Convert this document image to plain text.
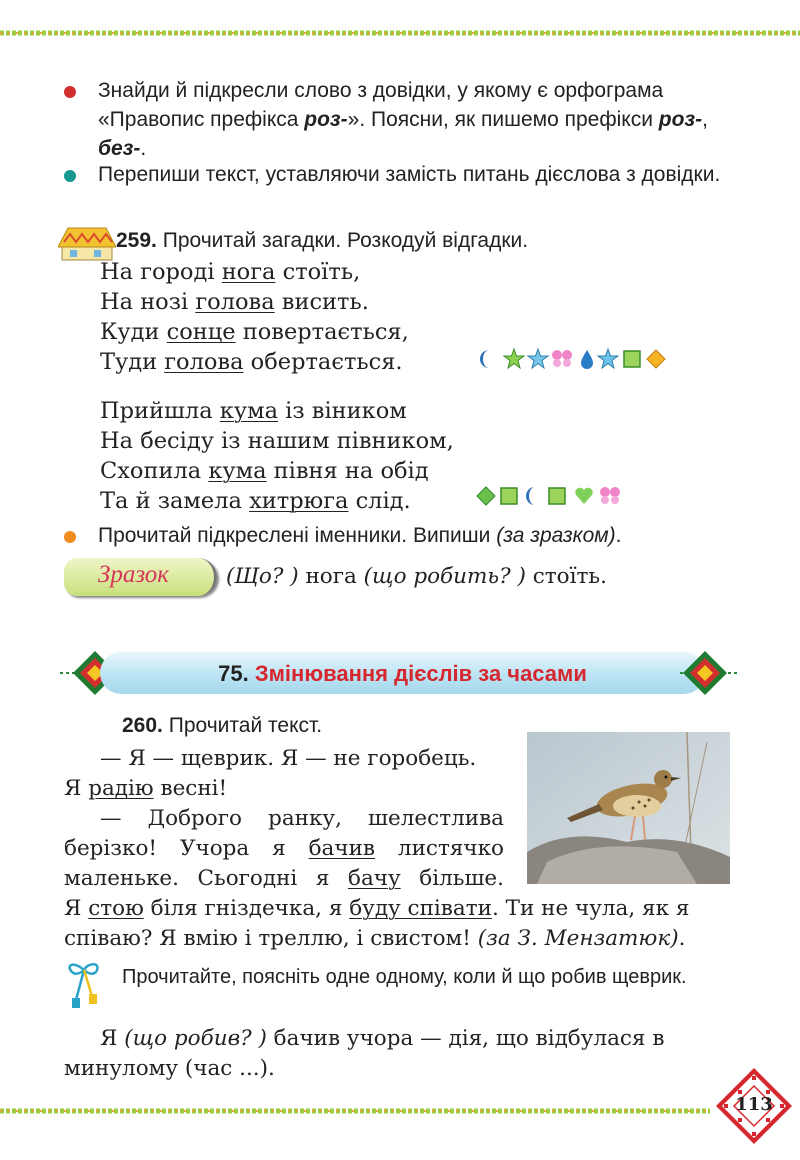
Знайди й підкресли слово з довідки, у якому є орфограма «Правопис префікса роз-». Поясни, як пишемо префікси роз-, без-.
Перепиши текст, уставляючи замість питань дієслова з довідки.
259. Прочитай загадки. Розкодуй відгадки.
На городі нога стоїть,
На нозі голова висить.
Куди сонце повертається,
Туди голова обертається.
Прийшла кума із віником
На бесіду із нашим півником,
Схопила кума півня на обід
Та й замела хитрюга слід.
Прочитай підкреслені іменники. Випиши (за зразком).
Зразок	(Що? ) нога (що робить? ) стоїть.
75. Змінювання дієслів за часами
260. Прочитай текст.
— Я — щеврик. Я — не горобець.
Я радію весні!
— Доброго ранку, шелестлива
берізко! Учора я бачив листячко
маленьке. Сьогодні я бачу більше.
Я стою біля гніздечка, я буду співати. Ти не чула, як я
співаю? Я вмію і треллю, і свистом! (за З. Мензатюк).
Прочитайте, поясніть одне одному, коли й що робив щеврик.
Я (що робив? ) бачив учора — дія, що відбулася в
минулому (час ...).
113
